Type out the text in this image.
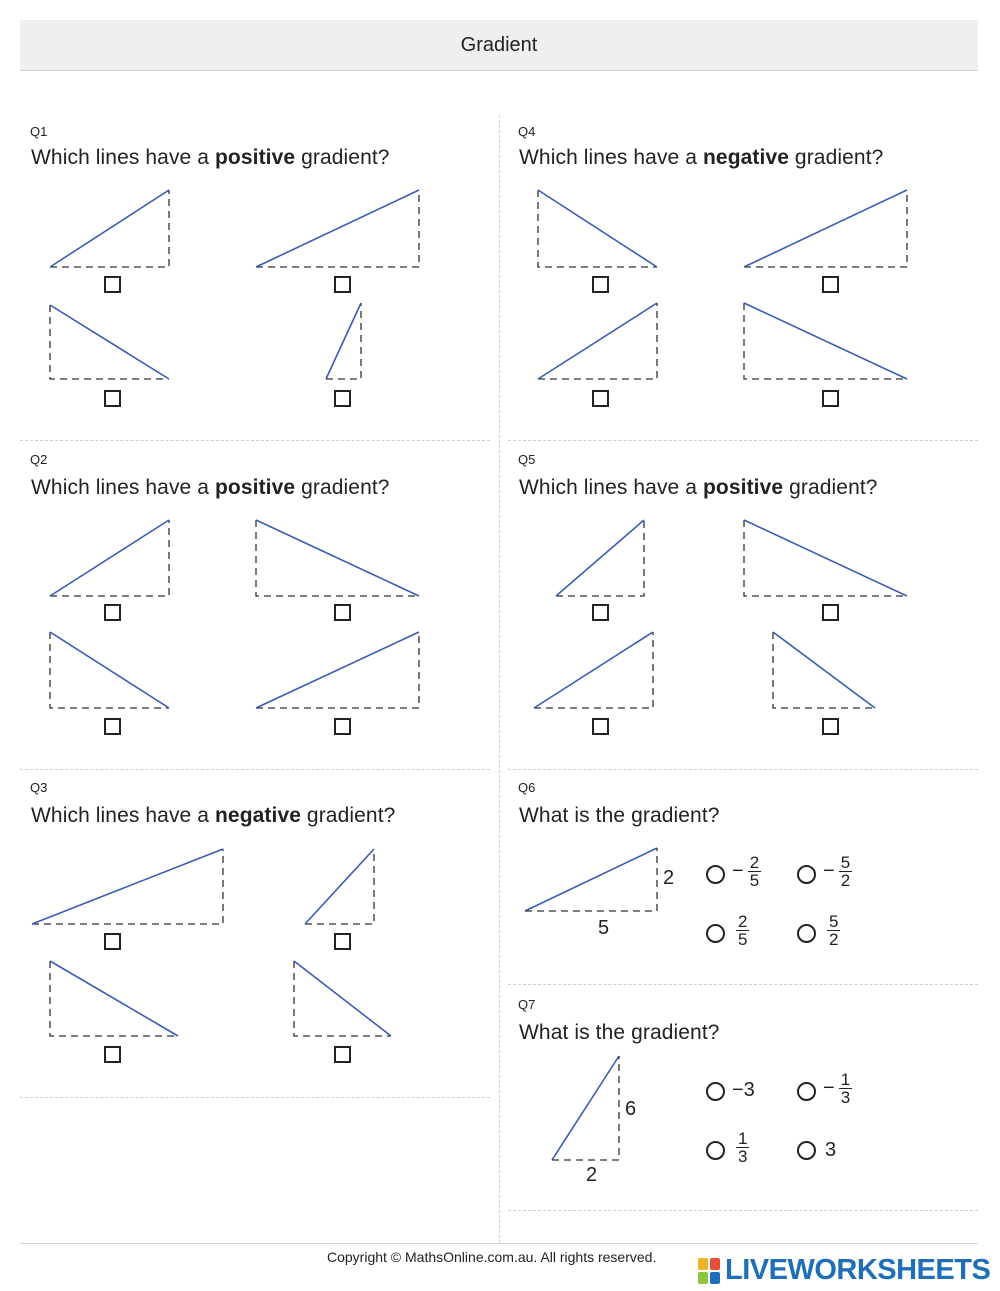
Gradient
Q1
Which lines have a positive gradient?
Q4
Which lines have a negative gradient?
Q2
Which lines have a positive gradient?
Q5
Which lines have a positive gradient?
Q3
Which lines have a negative gradient?
Q6
What is the gradient?
Q7
What is the gradient?
2
5
− $\frac{2}{5}$	− $\frac{5}{2}$
$\frac{2}{5}$	$\frac{5}{2}$
6
2
−3	− $\frac{1}{3}$
$\frac{1}{3}$	3
Copyright © MathsOnline.com.au. All rights reserved. LIVEWORKSHEETS
